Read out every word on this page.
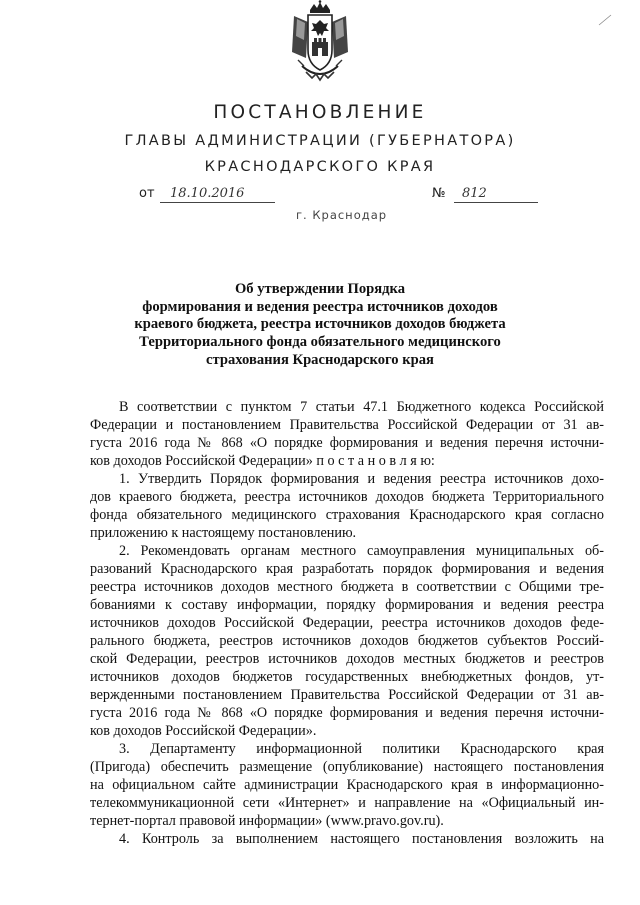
ПОСТАНОВЛЕНИЕ
ГЛАВЫ АДМИНИСТРАЦИИ (ГУБЕРНАТОРА)
КРАСНОДАРСКОГО КРАЯ
от	18.10.2016	№	812
г. Краснодар
Об утверждении Порядка
формирования и ведения реестра источников доходов
краевого бюджета, реестра источников доходов бюджета
Территориального фонда обязательного медицинского
страхования Краснодарского края
В соответствии с пунктом 7 статьи 47.1 Бюджетного кодекса Российской
Федерации и постановлением Правительства Российской Федерации от 31 ав-
густа 2016 года № 868 «О порядке формирования и ведения перечня источни-
ков доходов Российской Федерации» п о с т а н о в л я ю:
1. Утвердить Порядок формирования и ведения реестра источников дохо-
дов краевого бюджета, реестра источников доходов бюджета Территориального
фонда обязательного медицинского страхования Краснодарского края согласно
приложению к настоящему постановлению.
2. Рекомендовать органам местного самоуправления муниципальных об-
разований Краснодарского края разработать порядок формирования и ведения
реестра источников доходов местного бюджета в соответствии с Общими тре-
бованиями к составу информации, порядку формирования и ведения реестра
источников доходов Российской Федерации, реестра источников доходов феде-
рального бюджета, реестров источников доходов бюджетов субъектов Россий-
ской Федерации, реестров источников доходов местных бюджетов и реестров
источников доходов бюджетов государственных внебюджетных фондов, ут-
вержденными постановлением Правительства Российской Федерации от 31 ав-
густа 2016 года № 868 «О порядке формирования и ведения перечня источни-
ков доходов Российской Федерации».
3. Департаменту информационной политики Краснодарского края
(Пригода) обеспечить размещение (опубликование) настоящего постановления
на официальном сайте администрации Краснодарского края в информационно-
телекоммуникационной сети «Интернет» и направление на «Официальный ин-
тернет-портал правовой информации» (www.pravo.gov.ru).
4. Контроль за выполнением настоящего постановления возложить на
